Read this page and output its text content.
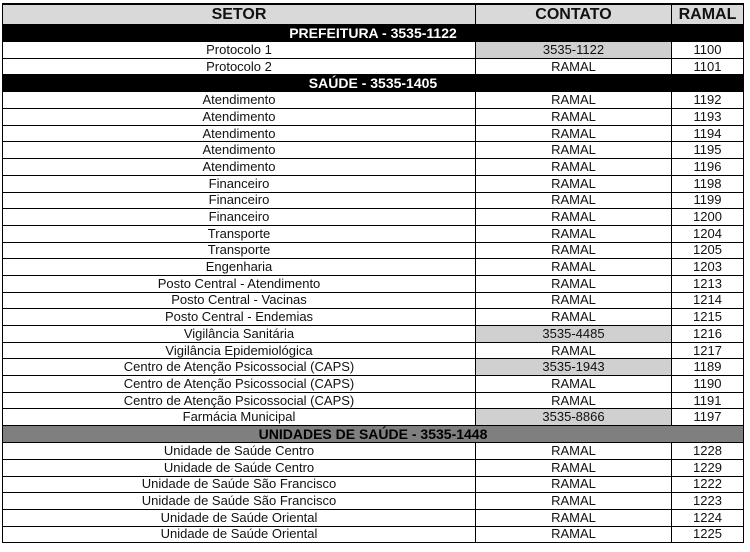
SETOR	CONTATO	RAMAL
PREFEITURA - 3535-1122		
Protocolo 1	3535-1122	1100
Protocolo 2	RAMAL	1101
SAÚDE - 3535-1405		
Atendimento	RAMAL	1192
Atendimento	RAMAL	1193
Atendimento	RAMAL	1194
Atendimento	RAMAL	1195
Atendimento	RAMAL	1196
Financeiro	RAMAL	1198
Financeiro	RAMAL	1199
Financeiro	RAMAL	1200
Transporte	RAMAL	1204
Transporte	RAMAL	1205
Engenharia	RAMAL	1203
Posto Central - Atendimento	RAMAL	1213
Posto Central - Vacinas	RAMAL	1214
Posto Central - Endemias	RAMAL	1215
Vigilância Sanitária	3535-4485	1216
Vigilância Epidemiológica	RAMAL	1217
Centro de Atenção Psicossocial (CAPS)	3535-1943	1189
Centro de Atenção Psicossocial (CAPS)	RAMAL	1190
Centro de Atenção Psicossocial (CAPS)	RAMAL	1191
Farmácia Municipal	3535-8866	1197
UNIDADES DE SAÚDE - 3535-1448		
Unidade de Saúde Centro	RAMAL	1228
Unidade de Saúde Centro	RAMAL	1229
Unidade de Saúde São Francisco	RAMAL	1222
Unidade de Saúde São Francisco	RAMAL	1223
Unidade de Saúde Oriental	RAMAL	1224
Unidade de Saúde Oriental	RAMAL	1225
